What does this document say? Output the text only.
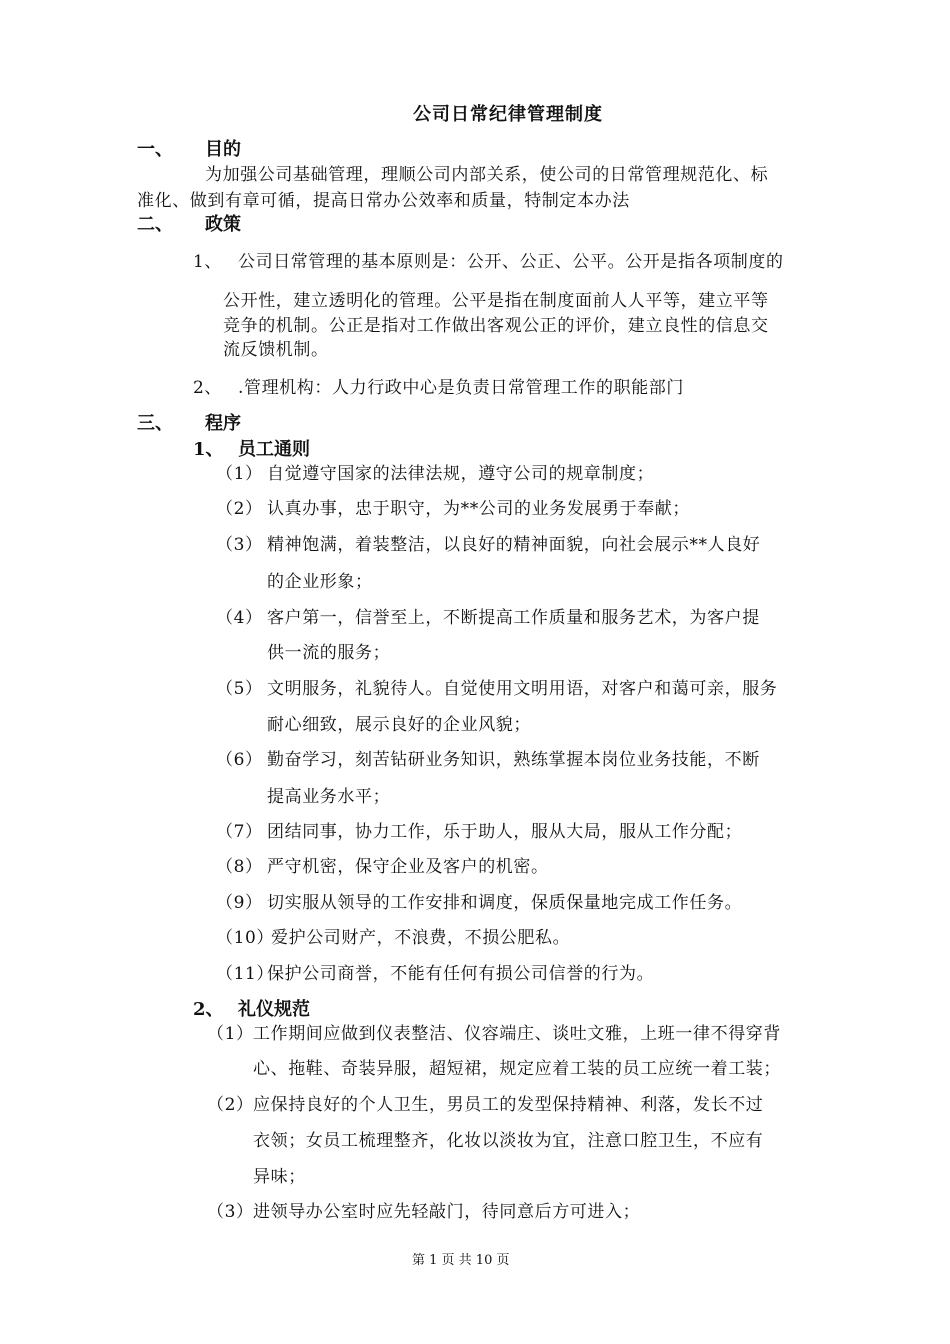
公司日常纪律管理制度
一、 目的
为加强公司基础管理，理顺公司内部关系，使公司的日常管理规范化、标
准化、做到有章可循，提高日常办公效率和质量，特制定本办法
二、 政策
1、 公司日常管理的基本原则是：公开、公正、公平。公开是指各项制度的
公开性，建立透明化的管理。公平是指在制度面前人人平等，建立平等
竞争的机制。公正是指对工作做出客观公正的评价，建立良性的信息交
流反馈机制。
2、 .管理机构：人力行政中心是负责日常管理工作的职能部门
三、 程序
1、 员工通则
（1） 自觉遵守国家的法律法规，遵守公司的规章制度；
（2） 认真办事，忠于职守，为**公司的业务发展勇于奉献；
（3） 精神饱满，着装整洁，以良好的精神面貌，向社会展示**人良好
的企业形象；
（4） 客户第一，信誉至上，不断提高工作质量和服务艺术，为客户提
供一流的服务；
（5） 文明服务，礼貌待人。自觉使用文明用语，对客户和蔼可亲，服务
耐心细致，展示良好的企业风貌；
（6） 勤奋学习，刻苦钻研业务知识，熟练掌握本岗位业务技能，不断
提高业务水平；
（7） 团结同事，协力工作，乐于助人，服从大局，服从工作分配；
（8） 严守机密，保守企业及客户的机密。
（9） 切实服从领导的工作安排和调度，保质保量地完成工作任务。
（10）
爱护公司财产，不浪费，不损公肥私。
（11）
保护公司商誉，不能有任何有损公司信誉的行为。
2、 礼仪规范
（1） 工作期间应做到仪表整洁、仪容端庄、谈吐文雅，上班一律不得穿背
心、拖鞋、奇装异服，超短裙，规定应着工装的员工应统一着工装；
（2） 应保持良好的个人卫生，男员工的发型保持精神、利落，发长不过
衣领；女员工梳理整齐，化妆以淡妆为宜，注意口腔卫生，不应有
异味；
（3） 进领导办公室时应先轻敲门，待同意后方可进入；
第 1 页 共 10 页
